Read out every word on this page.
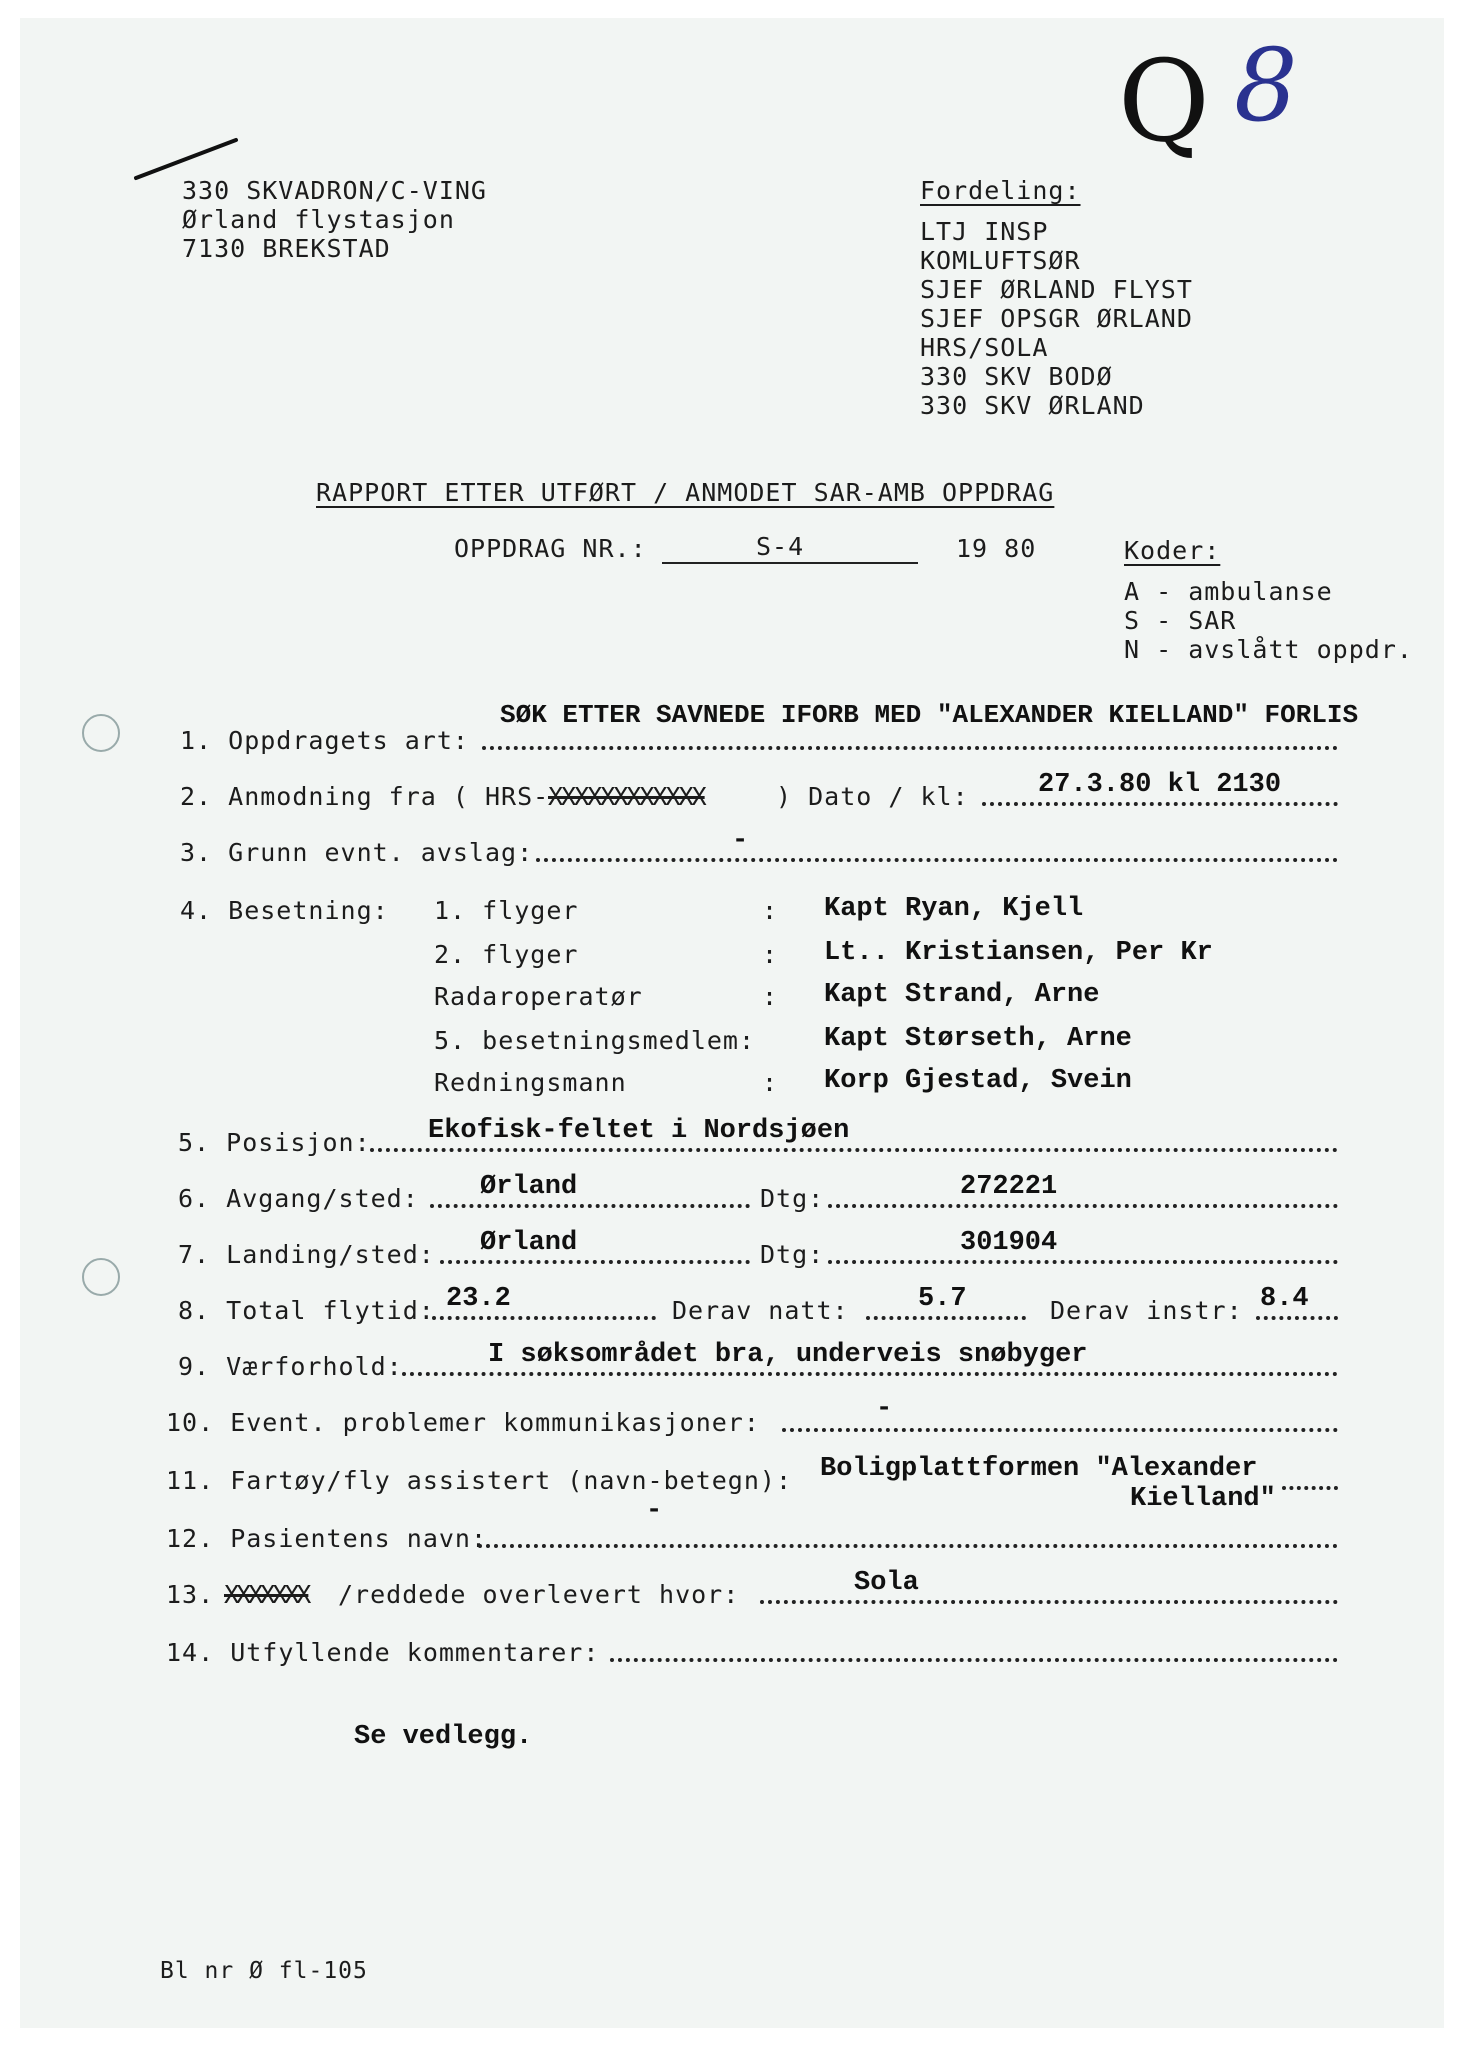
Q 8
330 SKVADRON/C-VING
Ørland flystasjon
7130 BREKSTAD
Fordeling:
LTJ INSP
KOMLUFTSØR
SJEF ØRLAND FLYST
SJEF OPSGR ØRLAND
HRS/SOLA
330 SKV BODØ
330 SKV ØRLAND
RAPPORT ETTER UTFØRT / ANMODET SAR-AMB OPPDRAG
OPPDRAG NR.:	S-4	19 80	Koder:
A - ambulanse
S - SAR
N - avslått oppdr.
1. Oppdragets art:
SØK ETTER SAVNEDE IFORB MED "ALEXANDER KIELLAND" FORLIS
2. Anmodning fra ( HRS-
XXXXXXXXXXXX	) Dato / kl:	27.3.80 kl 2130
3. Grunn evnt. avslag:	-
4. Besetning: 1. flyger	: Kapt Ryan, Kjell
2. flyger	: Lt.. Kristiansen, Per Kr
Radaroperatør	: Kapt Strand, Arne
5. besetningsmedlem:	Kapt Størseth, Arne
Redningsmann	: Korp Gjestad, Svein
5. Posisjon: Ekofisk-feltet i Nordsjøen
6. Avgang/sted: Ørland	Dtg:	272221
7. Landing/sted: Ørland	Dtg:	301904
8. Total flytid: 23.2	Derav natt:	5.7	Derav instr: 8.4
9. Værforhold:	I søksområdet bra, underveis snøbyger
10. Event. problemer kommunikasjoner:	-
11. Fartøy/fly assistert (navn-betegn): Boligplattformen "Alexander
Kielland"
12. Pasientens navn:
-
13. XXXXXXX /reddede overlevert hvor:	Sola
14. Utfyllende kommentarer:
Se vedlegg.
Bl nr Ø fl-105
